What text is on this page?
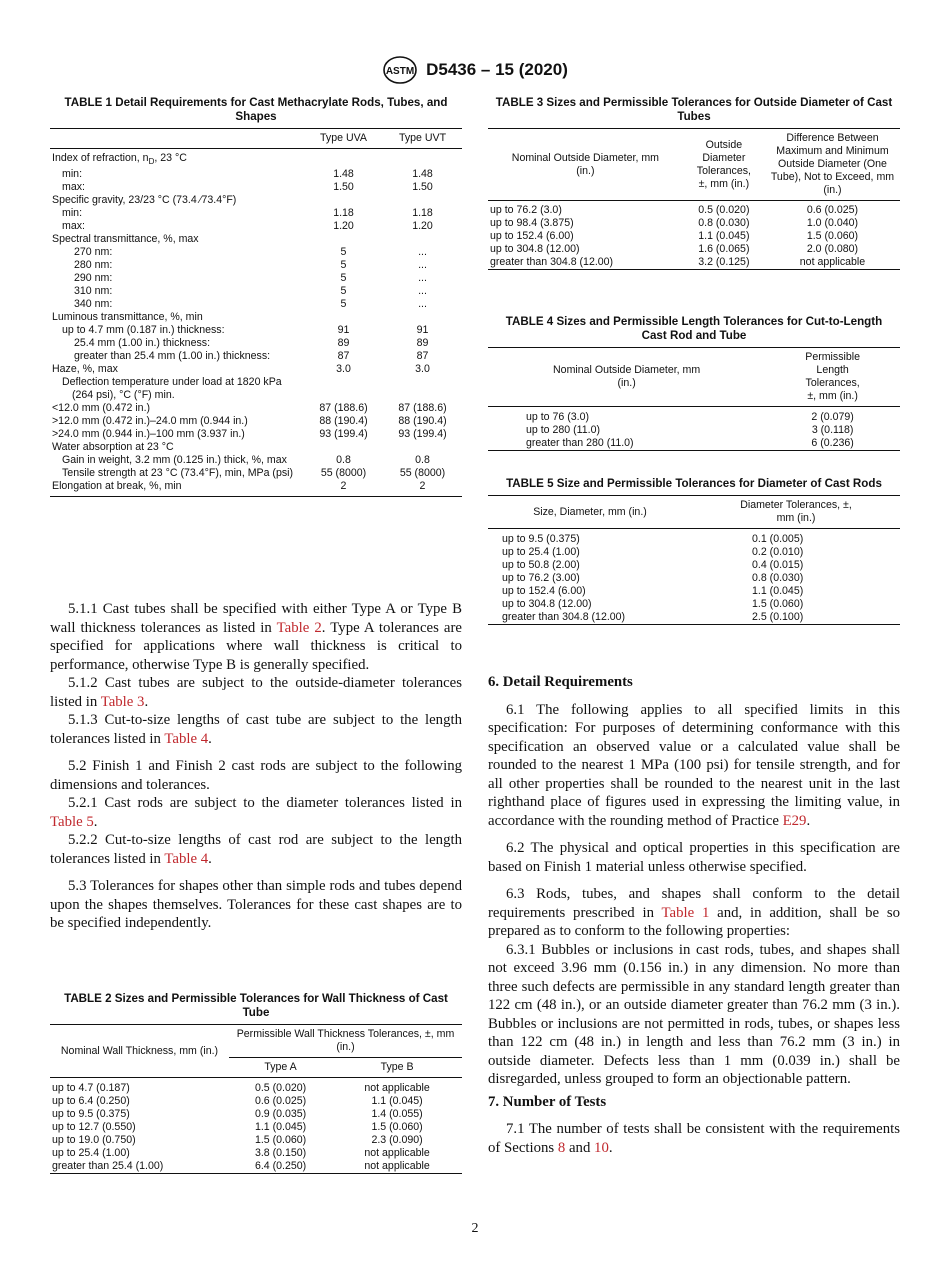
ASTM D5436 – 15 (2020)
TABLE 1 Detail Requirements for Cast Methacrylate Rods, Tubes, and Shapes
	Type UVA	Type UVT
Index of refraction, $n_D$, 23 °C		
min:	1.48	1.48
max:	1.50	1.50
Specific gravity, 23/23 °C (73.4 ⁄73.4°F)		
min:	1.18	1.18
max:	1.20	1.20
Spectral transmittance, %, max		
270 nm:	5	...
280 nm:	5	...
290 nm:	5	...
310 nm:	5	...
340 nm:	5	...
Luminous transmittance, %, min		
up to 4.7 mm (0.187 in.) thickness:	91	91
25.4 mm (1.00 in.) thickness:	89	89
greater than 25.4 mm (1.00 in.) thickness:	87	87
Haze, %, max	3.0	3.0
Deflection temperature under load at 1820 kPa (264 psi), °C (°F) min.		
<12.0 mm (0.472 in.)	87 (188.6)	87 (188.6)
>12.0 mm (0.472 in.)–24.0 mm (0.944 in.)	88 (190.4)	88 (190.4)
>24.0 mm (0.944 in.)–100 mm (3.937 in.)	93 (199.4)	93 (199.4)
Water absorption at 23 °C		
Gain in weight, 3.2 mm (0.125 in.) thick, %, max	0.8	0.8
Tensile strength at 23 °C (73.4°F), min, MPa (psi)	55 (8000)	55 (8000)
Elongation at break, %, min	2	2

5.1.1 Cast tubes shall be specified with either Type A or Type B wall thickness tolerances as listed in Table 2. Type A tolerances are specified for applications where wall thickness is critical to performance, otherwise Type B is generally specified.

5.1.2 Cast tubes are subject to the outside-diameter tolerances listed in Table 3.

5.1.3 Cut-to-size lengths of cast tube are subject to the length tolerances listed in Table 4.

5.2 Finish 1 and Finish 2 cast rods are subject to the following dimensions and tolerances.

5.2.1 Cast rods are subject to the diameter tolerances listed in Table 5.

5.2.2 Cut-to-size lengths of cast rod are subject to the length tolerances listed in Table 4.

5.3 Tolerances for shapes other than simple rods and tubes depend upon the shapes themselves. Tolerances for these cast shapes are to be specified independently.

TABLE 2 Sizes and Permissible Tolerances for Wall Thickness of Cast Tube
Nominal Wall Thickness, mm (in.)	Permissible Wall Thickness Tolerances, ±, mm (in.)	
	Type A	Type B
up to 4.7 (0.187)	0.5 (0.020)	not applicable
up to 6.4 (0.250)	0.6 (0.025)	1.1 (0.045)
up to 9.5 (0.375)	0.9 (0.035)	1.4 (0.055)
up to 12.7 (0.550)	1.1 (0.045)	1.5 (0.060)
up to 19.0 (0.750)	1.5 (0.060)	2.3 (0.090)
up to 25.4 (1.00)	3.8 (0.150)	not applicable
greater than 25.4 (1.00)	6.4 (0.250)	not applicable
TABLE 3 Sizes and Permissible Tolerances for Outside Diameter of Cast Tubes
Nominal Outside Diameter, mm (in.)	Outside Diameter Tolerances, ±, mm (in.)	Difference Between Maximum and Minimum Outside Diameter (One Tube), Not to Exceed, mm (in.)
up to 76.2 (3.0)	0.5 (0.020)	0.6 (0.025)
up to 98.4 (3.875)	0.8 (0.030)	1.0 (0.040)
up to 152.4 (6.00)	1.1 (0.045)	1.5 (0.060)
up to 304.8 (12.00)	1.6 (0.065)	2.0 (0.080)
greater than 304.8 (12.00)	3.2 (0.125)	not applicable
TABLE 4 Sizes and Permissible Length Tolerances for Cut-to-Length Cast Rod and Tube
Nominal Outside Diameter, mm (in.)	Permissible Length Tolerances, ±, mm (in.)
up to 76 (3.0)	2 (0.079)
up to 280 (11.0)	3 (0.118)
greater than 280 (11.0)	6 (0.236)
TABLE 5 Size and Permissible Tolerances for Diameter of Cast Rods
Size, Diameter, mm (in.)	Diameter Tolerances, ±, mm (in.)
up to 9.5 (0.375)	0.1 (0.005)
up to 25.4 (1.00)	0.2 (0.010)
up to 50.8 (2.00)	0.4 (0.015)
up to 76.2 (3.00)	0.8 (0.030)
up to 152.4 (6.00)	1.1 (0.045)
up to 304.8 (12.00)	1.5 (0.060)
greater than 304.8 (12.00)	2.5 (0.100)
6. Detail Requirements

6.1 The following applies to all specified limits in this specification: For purposes of determining conformance with this specification an observed value or a calculated value shall be rounded to the nearest 1 MPa (100 psi) for tensile strength, and for all other properties shall be rounded to the nearest unit in the last righthand place of figures used in expressing the limiting value, in accordance with the rounding method of Practice E29.

6.2 The physical and optical properties in this specification are based on Finish 1 material unless otherwise specified.

6.3 Rods, tubes, and shapes shall conform to the detail requirements prescribed in Table 1 and, in addition, shall be so prepared as to conform to the following properties:

6.3.1 Bubbles or inclusions in cast rods, tubes, and shapes shall not exceed 3.96 mm (0.156 in.) in any dimension. No more than three such defects are permissible in any standard length greater than 122 cm (48 in.), or an outside diameter greater than 76.2 mm (3 in.). Bubbles or inclusions are not permitted in rods, tubes, or shapes less than 122 cm (48 in.) in length and less than 76.2 mm (3 in.) in outside diameter. Defects less than 1 mm (0.039 in.) shall be disregarded, unless grouped to form an objectionable pattern.

7. Number of Tests

7.1 The number of tests shall be consistent with the requirements of Sections 8 and 10.

2
